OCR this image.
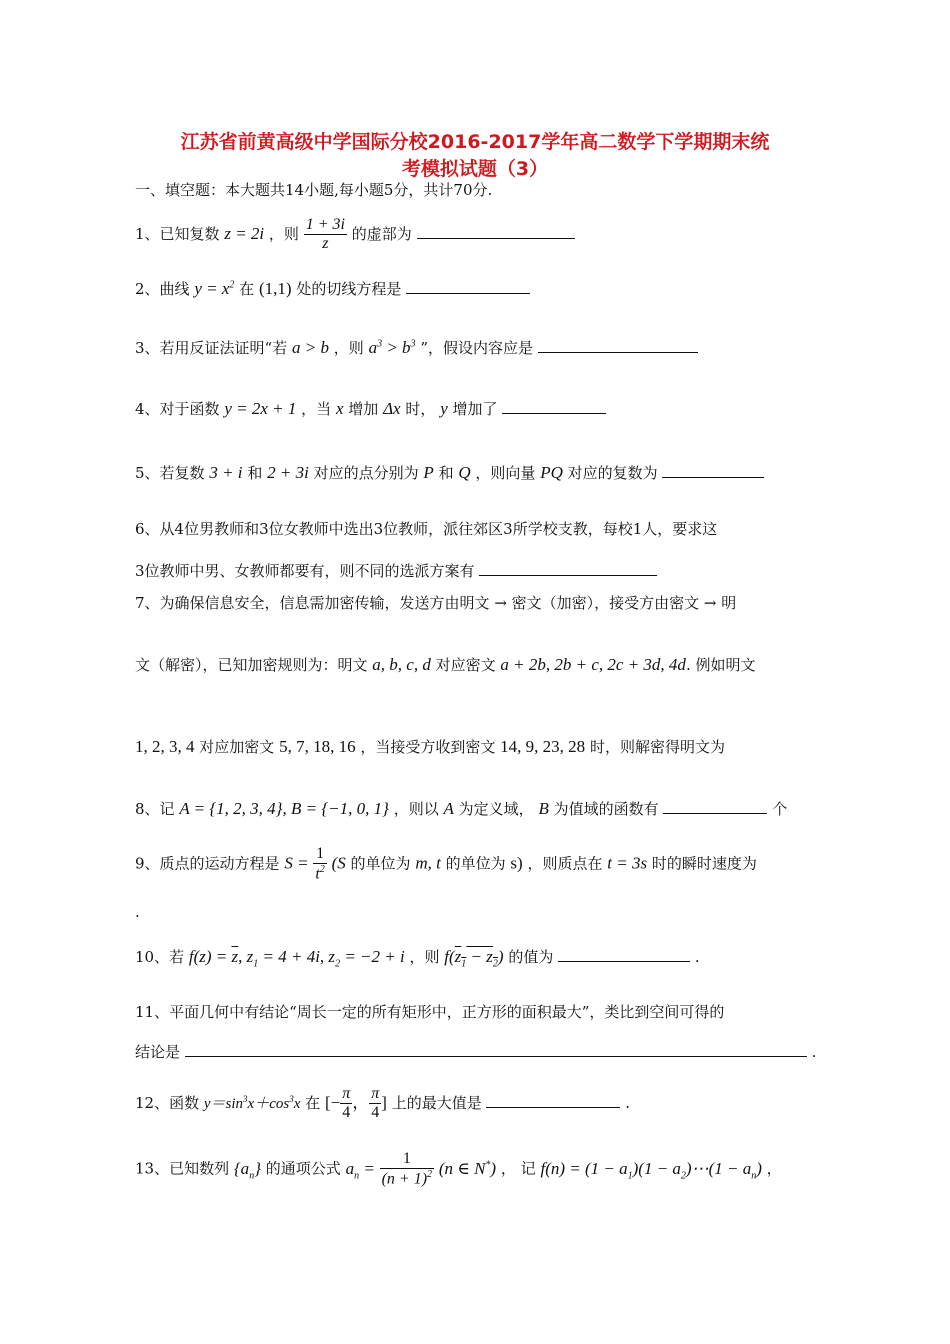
江苏省前黄高级中学国际分校2016-2017学年高二数学下学期期末统
考模拟试题（3）
一、填空题：本大题共14小题,每小题5分，共计70分.
1、已知复数 z = 2i ，则 $\frac{1 + 3i}{z}$ 的虚部为
2、曲线 $y = x^2$ 在 (1,1) 处的切线方程是
3、若用反证法证明“若 a > b ，则 $a^3 > b^3$ ”，假设内容应是
4、对于函数 y = 2x + 1 ，当 x 增加 Δx 时， y 增加了
5、若复数 3 + i 和 2 + 3i 对应的点分别为 P 和 Q ，则向量 PQ 对应的复数为
6、从4位男教师和3位女教师中选出3位教师，派往郊区3所学校支教，每校1人，要求这
3位教师中男、女教师都要有，则不同的选派方案有
7、为确保信息安全，信息需加密传输，发送方由明文 → 密文（加密），接受方由密文 → 明
文（解密），已知加密规则为：明文 a, b, c, d 对应密文 a + 2b, 2b + c, 2c + 3d, 4d. 例如明文
1, 2, 3, 4 对应加密文 5, 7, 18, 16 ，当接受方收到密文 14, 9, 23, 28 时，则解密得明文为
8、记 A = {1, 2, 3, 4}, B = {−1, 0, 1} ，则以 A 为定义域， B 为值域的函数有	个
9、质点的运动方程是 $S = \frac{1}{t^2} (S$ 的单位为 m, t 的单位为 s) ，则质点在 t = 3s 时的瞬时速度为
.
10、若 $f(z) = \overline{z}$, $z_1 = 4 + 4i$, $z_2 = -2 + i$ ，则 $f(z_1 - z_2)$ 的值为	.
11、平面几何中有结论“周长一定的所有矩形中，正方形的面积最大”，类比到空间可得的
结论是	.
12、函数 $y=\sin^3x+\cos^3x$ 在 [− $\frac{\pi}{4}$ ， $\frac{\pi}{4}$ ] 上的最大值是	.
13、已知数列 $\{a_n\}$ 的通项公式 $a_n = \frac{1}{(n + 1)^2} (n$ ∈ N*) ， 记 $f(n) = (1 - a_1)(1$ − $a_2)\cdots(1 - a_n)$ ，
